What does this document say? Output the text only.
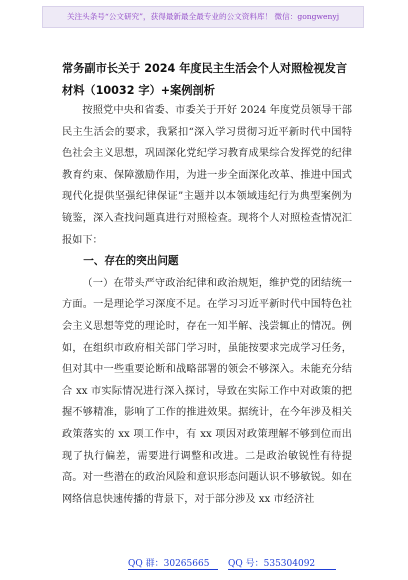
关注头条号“公文研究”，获得最新最全最专业的公文资料库！ 微信：gongwenyj
常务副市长关于 2024 年度民主生活会个人对照检视发言材料（10032 字）+案例剖析

按照党中央和省委、市委关于开好 2024 年度党员领导干部民主生活会的要求，我紧扣“深入学习贯彻习近平新时代中国特色社会主义思想，巩固深化党纪学习教育成果综合发挥党的纪律教育约束、保障激励作用，为进一步全面深化改革、推进中国式现代化提供坚强纪律保证”主题并以本领域违纪行为典型案例为镜鉴，深入查找问题真进行对照检查。现将个人对照检查情况汇报如下：

一、存在的突出问题

（一）在带头严守政治纪律和政治规矩，维护党的团结统一方面。一是理论学习深度不足。在学习习近平新时代中国特色社会主义思想等党的理论时，存在一知半解、浅尝辄止的情况。例如，在组织市政府相关部门学习时，虽能按要求完成学习任务，但对其中一些重要论断和战略部署的领会不够深入。未能充分结合 xx 市实际情况进行深入探讨，导致在实际工作中对政策的把握不够精准，影响了工作的推进效果。据统计，在今年涉及相关政策落实的 xx 项工作中，有 xx 项因对政策理解不够到位而出现了执行偏差，需要进行调整和改进。二是政治敏锐性有待提高。对一些潜在的政治风险和意识形态问题认识不够敏锐。如在网络信息快速传播的背景下，对于部分涉及 xx 市经济社

QQ 群：30265665 QQ 号：535304092
